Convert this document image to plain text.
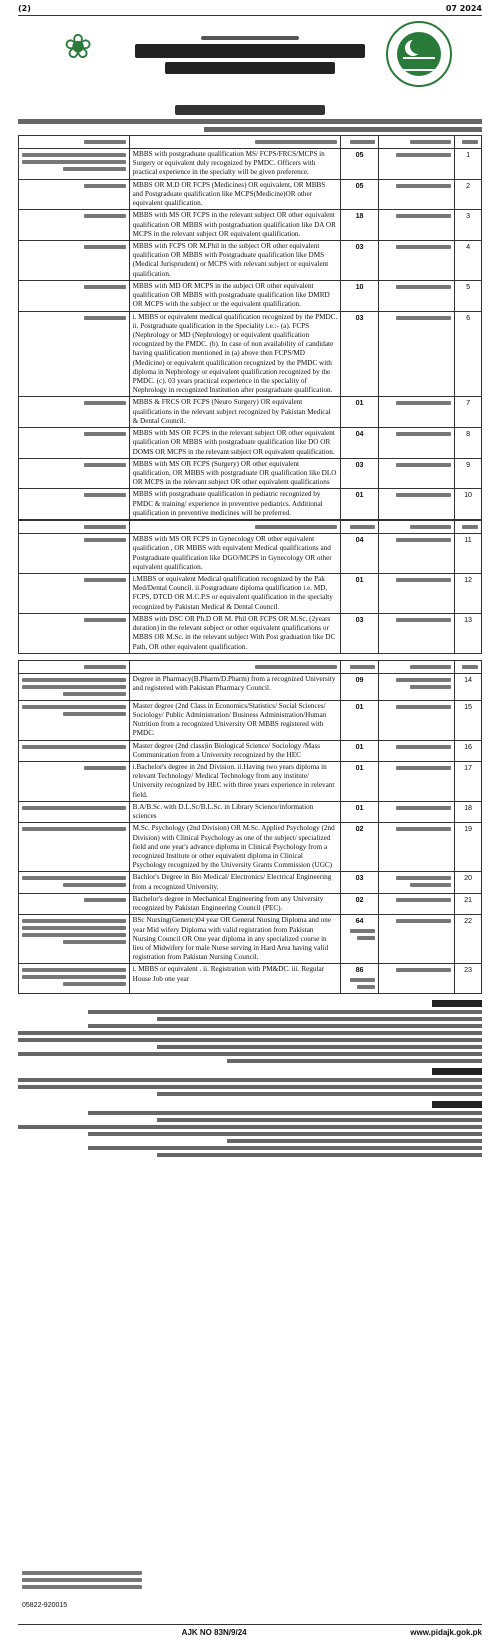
(2)	07 2024
❀

	MBBS with postgraduate qualification MS/ FCPS/FRCS/MCPS in Surgery or equivalent duly recognized by PMDC. Officers with practical experience in the specialty will be given preference.	05		1

	MBBS OR M.D OR FCPS (Medicines) OR equivalent, OR MBBS and Postgraduate qualification like MCPS(Medicine)OR other equivalent qualification.	05		2

	MBBS with MS OR FCPS in the relevant subject OR other equivalent qualification OR MBBS with postgraduation qualification like DA OR MCPS in the relevant subject OR equivalent qualification.	18		3

	MBBS with FCPS OR M.Phil in the subject OR other equivalent qualification OR MBBS with Postgraduate qualification like DMS (Medical Jurisprudent) or MCPS with relevant subject or equivalent qualification.	03		4

	MBBS with MD OR MCPS in the subject OR other equivalent qualification OR MBBS with postgraduate qualification like DMRD OR MCPS with the subject or the equivalent qualification.	10		5

	i. MBBS or equivalent medical qualification recognized by the PMDC. ii. Postgraduate qualification in the Speciality i.e.:- (a). FCPS (Nephrology or MD (Nephrology) or equivalent qualification recognized by the PMDC. (b). In case of non availability of candidate having qualification mentioned in (a) above then FCPS/MD (Medicine) or equivalent qualification recognized by the PMDC with diploma in Nephrology or equivalent qualification recognized by the PMDC. (c). 03 years practical experience in the speciality of Nephrology in recognized Institution after postgraduate qualification.	03		6

	MBBS & FRCS OR FCPS (Neuro Surgery) OR equivalent qualifications in the relevant subject recognized by Pakistan Medical & Dental Council.	01		7

	MBBS with MS OR FCPS in the relevant subject OR other equivalent qualification OR MBBS with postgraduate qualification like DO OR DOMS OR MCPS in the relevant subject OR equivalent qualification.	04		8

	MBBS with MS OR FCPS (Surgery) OR other equivalent qualification, OR MBBS with postgraduate OR qualification like DLO OR MCPS in the relevant subject OR other equivalent qualifications	03		9

	MBBS with postgraduate qualification in pediatric recognized by PMDC & training/ experience in preventive pediatrics. Additional qualification in preventive medicines will be preferred.	01		10

	MBBS with MS OR FCPS in Gynecology OR other equivalent qualification , OR MBBS with equivalent Medical qualifications and Postgraduate qualification like DGO/MCPS in Gynecology OR other equivalent qualification.	04		11

	i.MBBS or equivalent Medical qualification recognized by the Pak Med/Dental Council. ii.Postgraduate diploma qualification i.e. MD, FCPS, DTCD OR M.C.P.S or equivalent qualification in the specialty recognized by Pakistan Medical & Dental Council.	01		12

	MBBS with DSC OR Ph.D OR M. Phil OR FCPS OR M.Sc. (2years duration) in the relevant subject or other equivalent qualifications or MBBS OR M.Sc. in the relevant subject With Post graduation like DC Path, OR other equivalent qualification.	03		13

	Degree in Pharmacy(B.Pharm/D.Pharm) from a recognized University and registered with Pakistan Pharmacy Council.	09		14

	Master degree (2nd Class in Economics/Statistics/ Social Sciences/ Sociology/ Public Administration/ Business Administration/Human Nutrition from a recognized University OR MBBS registered with PMDC.	01		15

	Master degree (2nd class)in Biological Science/ Sociology /Mass Communication from a University recognized by the HEC	01		16

	i.Bachelor's degree in 2nd Division. ii.Having two years diploma in relevant Technology/ Medical Technology from any institute/ University recognized by HEC with three years experience in relevant field.	01		17

	B.A/B.Sc. with D.L.Sc/B.L.Sc. in Library Science/information sciences	01		18

	M.Sc. Psychology (2nd Division) OR M.Sc. Applied Psychology (2nd Division) with Clinical Psychology as one of the subject/ specialized field and one year's advance diploma in Clinical Psychology from a recognized Institute or other equivalent diploma in Clinical Psychology recognized by the University Grants Commission (UGC)	02		19

	Bachlor's Degree in Bio Medical/ Electronics/ Electrical Engineering from a recognized University.	03		20

	Bachelor's degree in Mechanical Engineering from any University recognized by Pakistan Engineering Council (PEC).	02		21

	BSc Nursing(Generic)04 year OR General Nursing Diploma and one year Mid wifery Diploma with valid registration from Pakistan Nursing Council OR One year diploma in any specialized course in lieu of Midwifery for male Nurse serving in Hard Area having valid registration from Pakistan Nursing Council.	64		22

	i. MBBS or equivalent . ii. Registration with PM&DC. iii. Regular House Job one year	86		23
05822-920015
AJK NO 83N/9/24	www.pidajk.gok.pk
